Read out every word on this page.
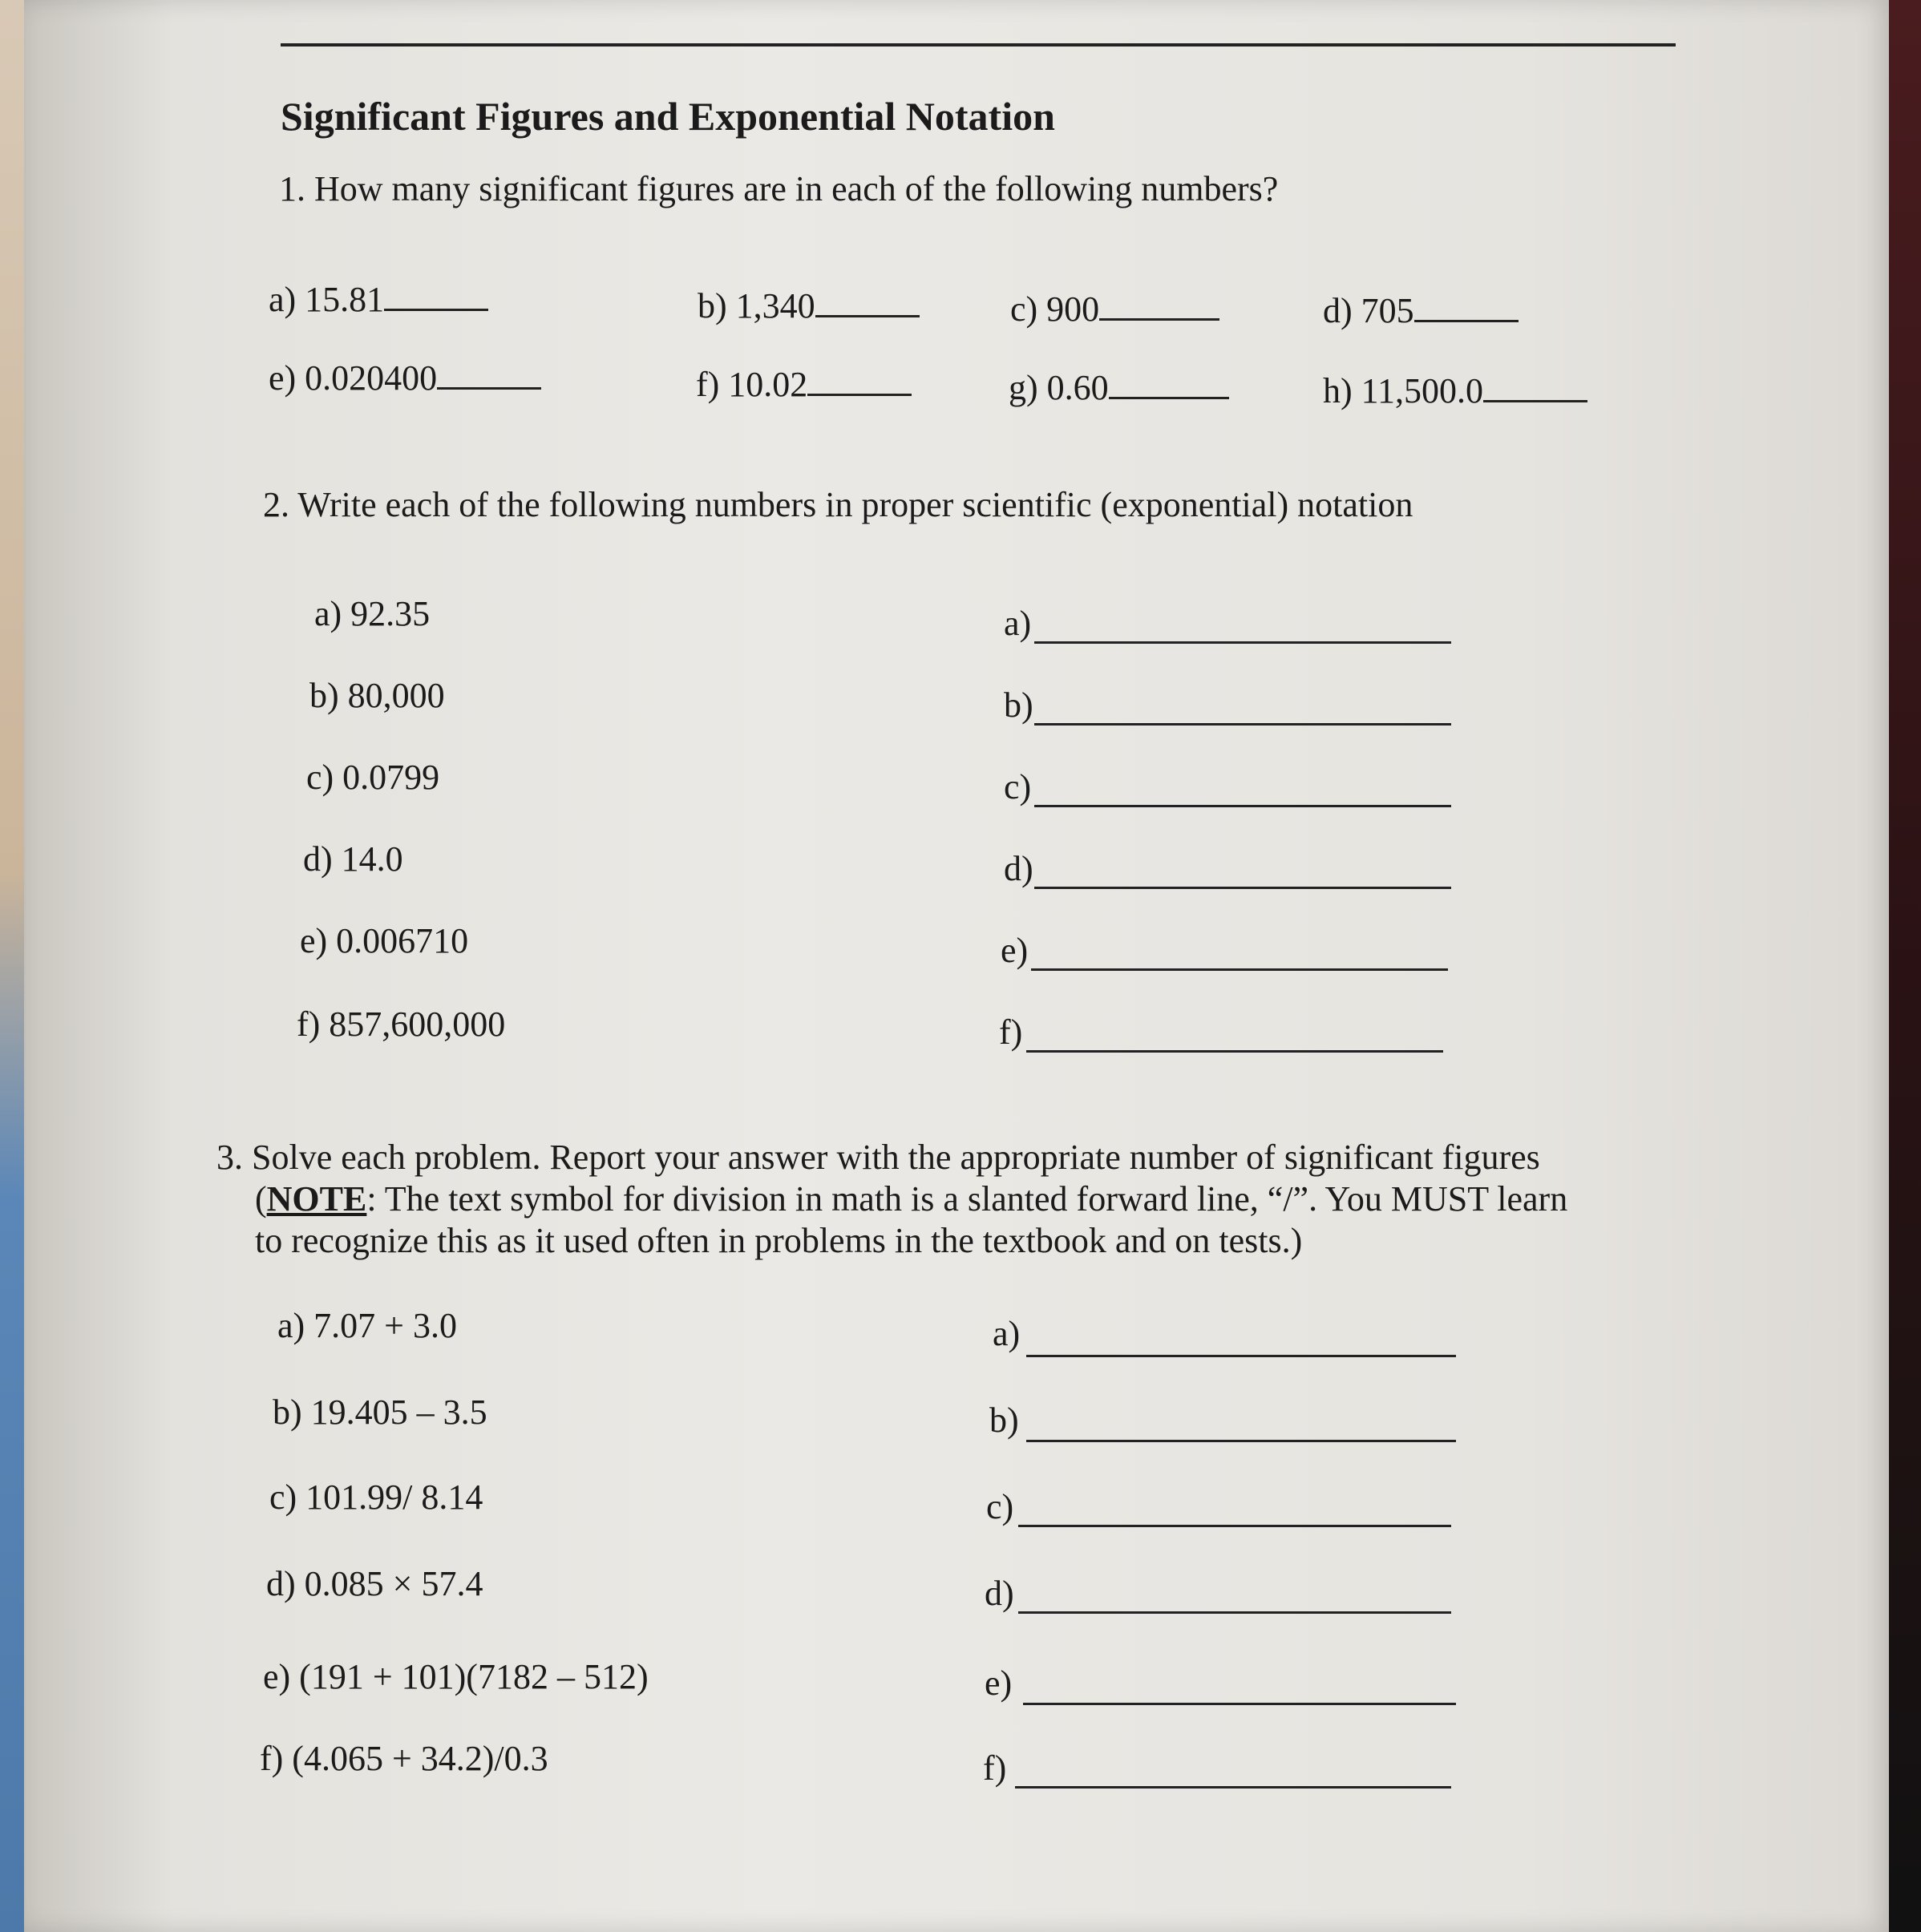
Significant Figures and Exponential Notation
1. How many significant figures are in each of the following numbers?
a) 15.81	b) 1,340	c) 900	d) 705
e) 0.020400	f) 10.02	g) 0.60	h) 11,500.0
2. Write each of the following numbers in proper scientific (exponential) notation
a) 92.35	a)
b) 80,000	b)
c) 0.0799	c)
d) 14.0	d)
e) 0.006710	e)
f) 857,600,000	f)
3. Solve each problem. Report your answer with the appropriate number of significant figures
(NOTE: The text symbol for division in math is a slanted forward line, “/”. You MUST learn
to recognize this as it used often in problems in the textbook and on tests.)
a) 7.07 + 3.0	a)
b) 19.405 – 3.5	b)
c) 101.99/ 8.14	c)
d) 0.085 × 57.4	d)
e) (191 + 101)(7182 – 512)	e)
f) (4.065 + 34.2)/0.3	f)
